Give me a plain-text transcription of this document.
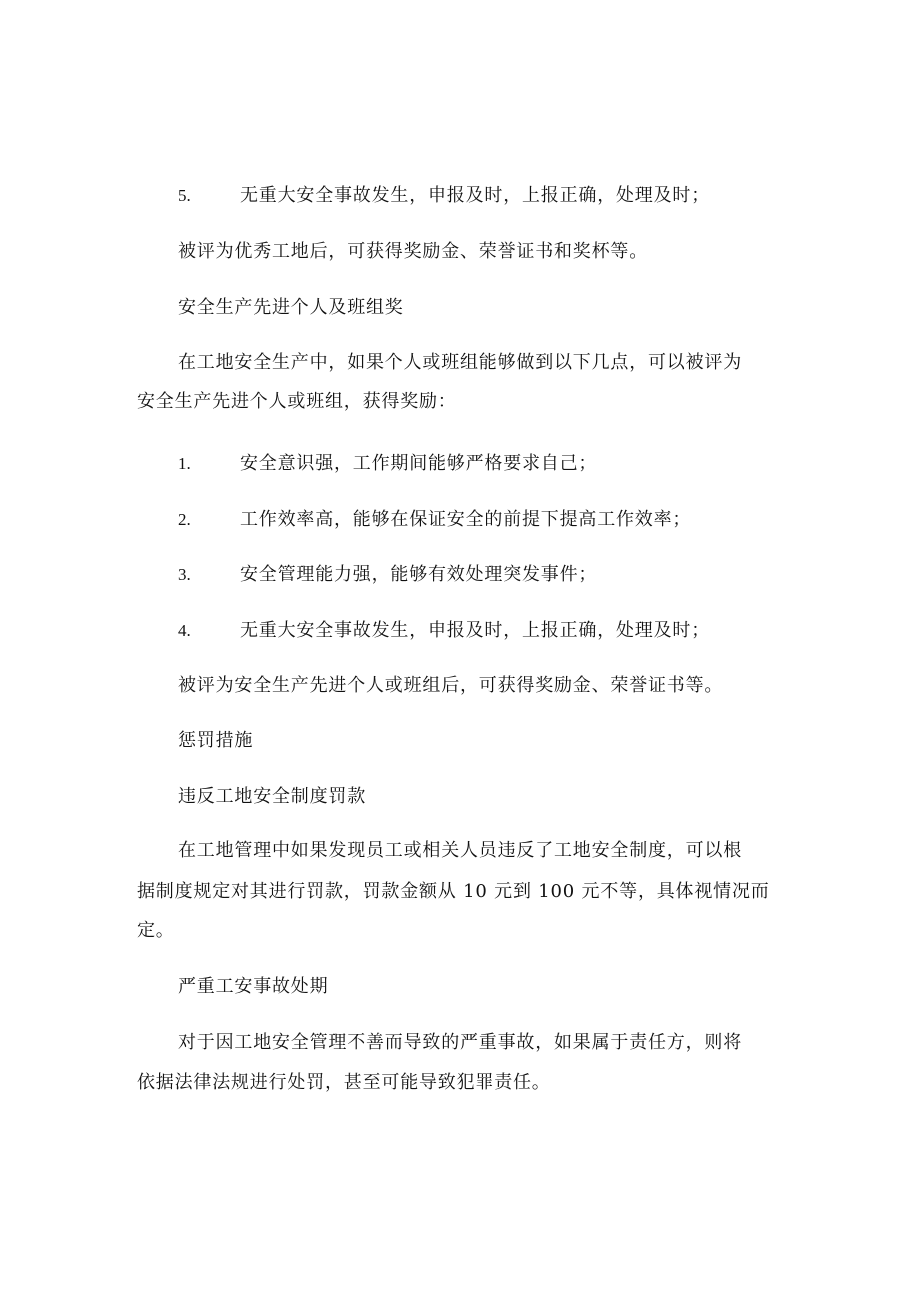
5.	无重大安全事故发生，申报及时，上报正确，处理及时；
被评为优秀工地后，可获得奖励金、荣誉证书和奖杯等。
安全生产先进个人及班组奖
在工地安全生产中，如果个人或班组能够做到以下几点，可以被评为
安全生产先进个人或班组，获得奖励：
1.	安全意识强，工作期间能够严格要求自己；
2.	工作效率高，能够在保证安全的前提下提高工作效率；
3.	安全管理能力强，能够有效处理突发事件；
4.	无重大安全事故发生，申报及时，上报正确，处理及时；
被评为安全生产先进个人或班组后，可获得奖励金、荣誉证书等。
惩罚措施
违反工地安全制度罚款
在工地管理中如果发现员工或相关人员违反了工地安全制度，可以根
据制度规定对其进行罚款，罚款金额从 10 元到 100 元不等，具体视情况而
定。
严重工安事故处期
对于因工地安全管理不善而导致的严重事故，如果属于责任方，则将
依据法律法规进行处罚，甚至可能导致犯罪责任。
